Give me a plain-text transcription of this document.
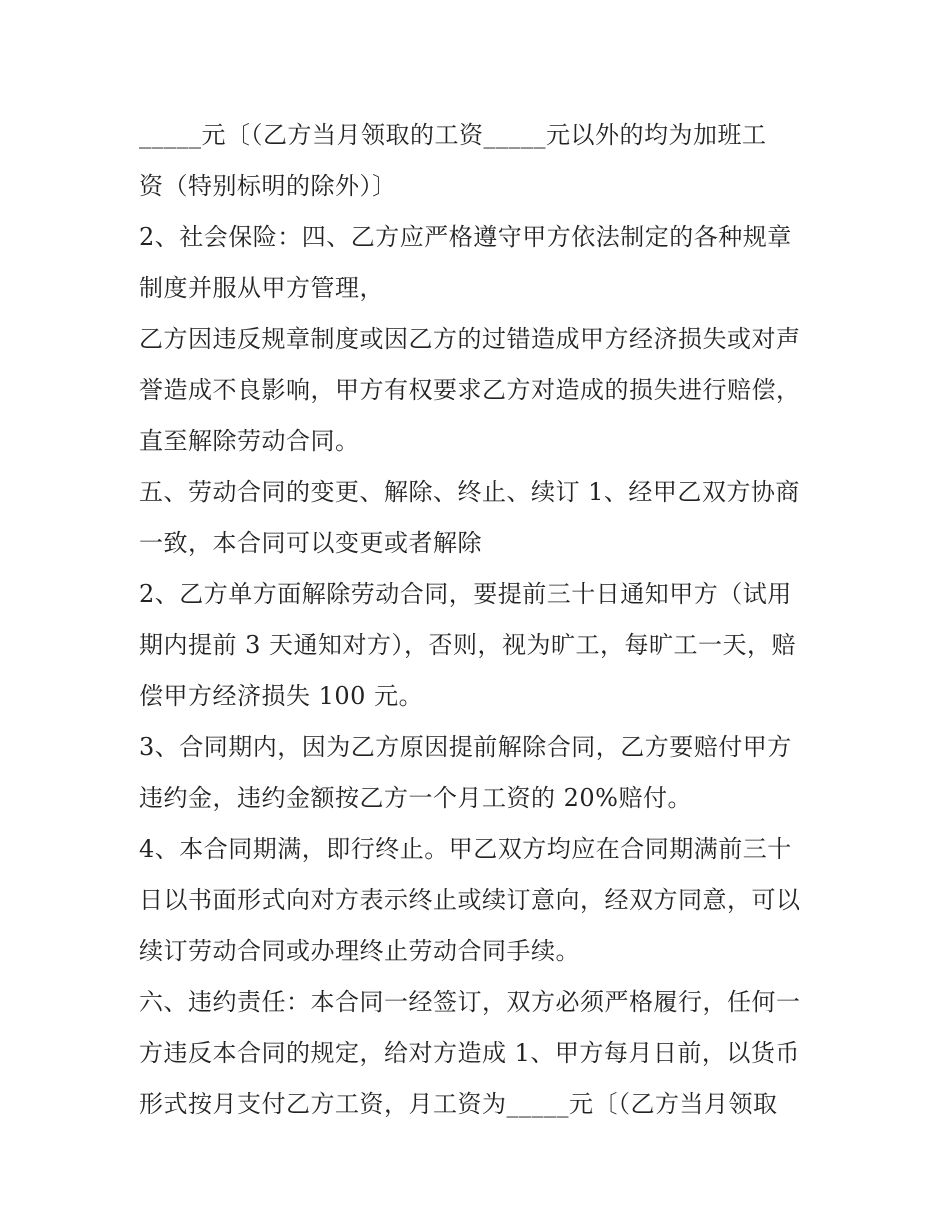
_____元〔（乙方当月领取的工资_____元以外的均为加班工
资（特别标明的除外）〕
2、社会保险：四、乙方应严格遵守甲方依法制定的各种规章
制度并服从甲方管理，
乙方因违反规章制度或因乙方的过错造成甲方经济损失或对声
誉造成不良影响，甲方有权要求乙方对造成的损失进行赔偿，
直至解除劳动合同。
五、劳动合同的变更、解除、终止、续订 1、经甲乙双方协商
一致，本合同可以变更或者解除
2、乙方单方面解除劳动合同，要提前三十日通知甲方（试用
期内提前 3 天通知对方），否则，视为旷工，每旷工一天，赔
偿甲方经济损失 100 元。
3、合同期内，因为乙方原因提前解除合同，乙方要赔付甲方
违约金，违约金额按乙方一个月工资的 20%赔付。
4、本合同期满，即行终止。甲乙双方均应在合同期满前三十
日以书面形式向对方表示终止或续订意向，经双方同意，可以
续订劳动合同或办理终止劳动合同手续。
六、违约责任：本合同一经签订，双方必须严格履行，任何一
方违反本合同的规定，给对方造成 1、甲方每月日前，以货币
形式按月支付乙方工资，月工资为_____元〔（乙方当月领取
